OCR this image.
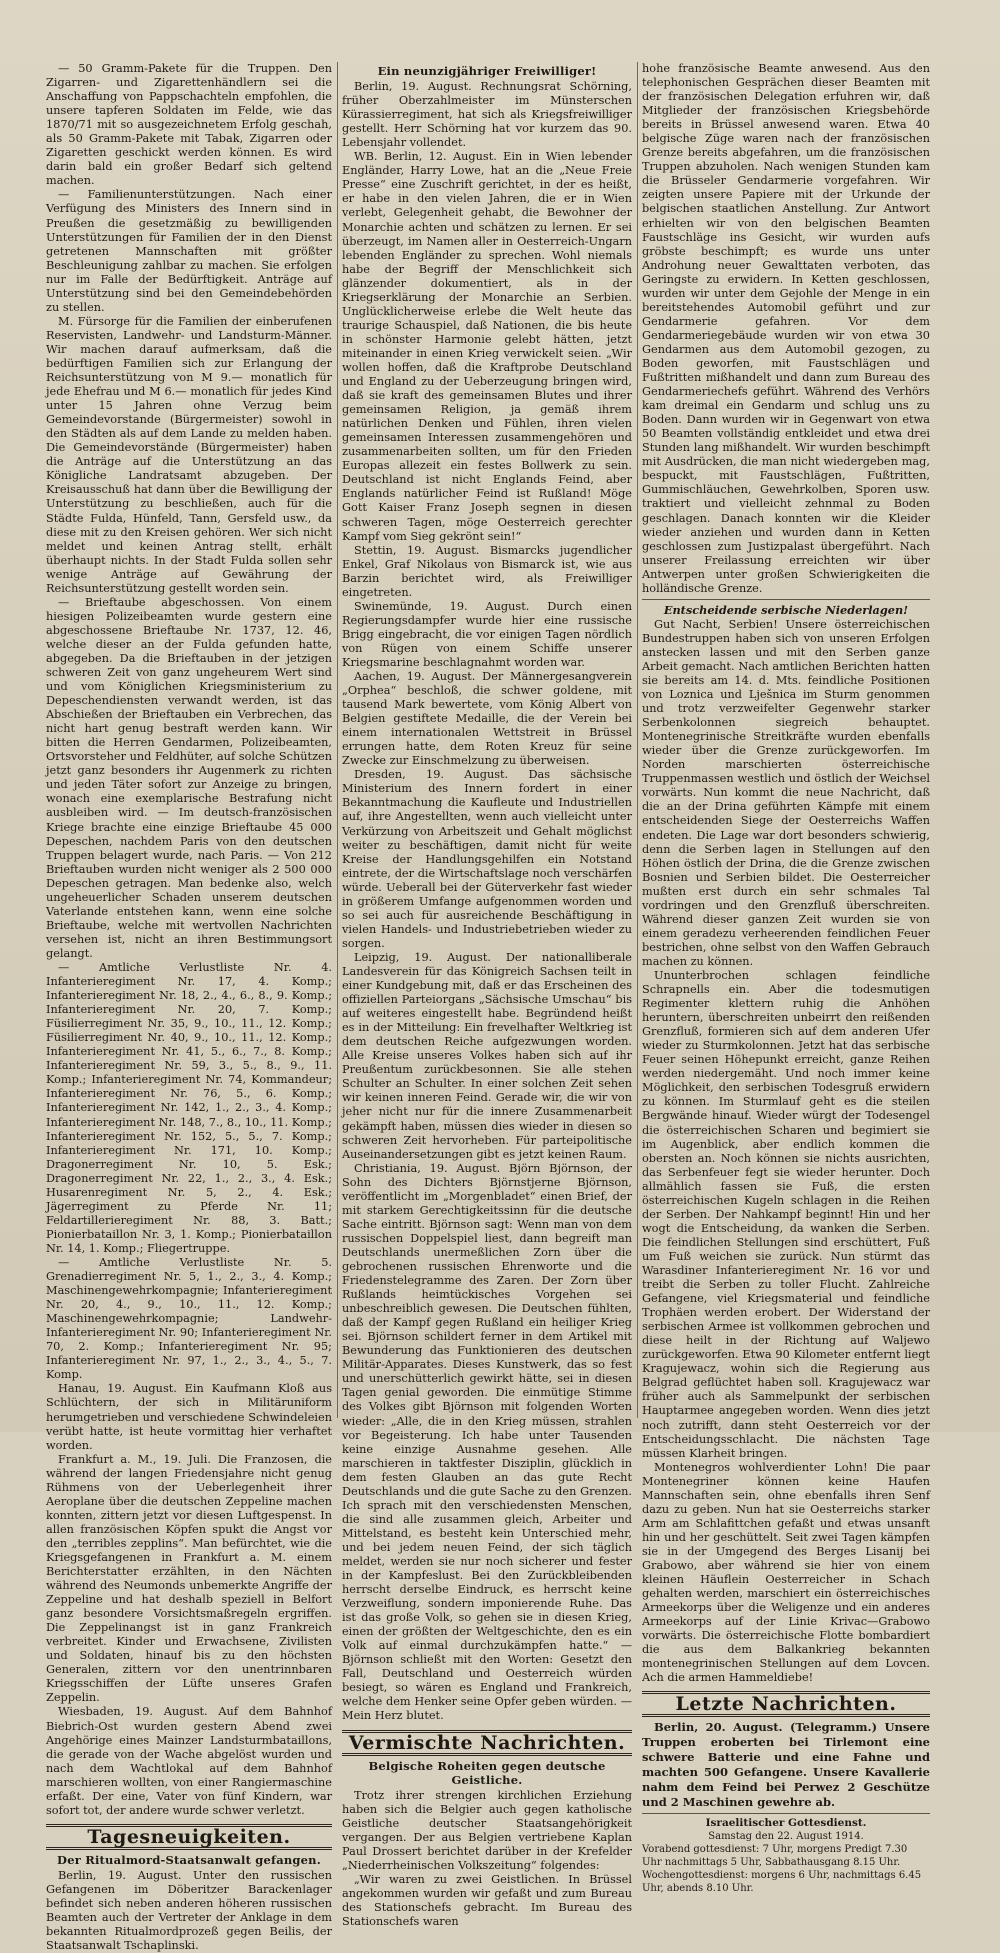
— 50 Gramm-Pakete für die Truppen. Den Zigarren- und Zigarettenhändlern sei die Anschaffung von Pappschachteln empfohlen, die unsere tapferen Soldaten im Felde, wie das 1870/71 mit so ausgezeichnetem Erfolg geschah, als 50 Gramm-Pakete mit Tabak, Zigarren oder Zigaretten geschickt werden können. Es wird darin bald ein großer Bedarf sich geltend machen.

— Familienunterstützungen. Nach einer Verfügung des Ministers des Innern sind in Preußen die gesetzmäßig zu bewilligenden Unterstützungen für Familien der in den Dienst getretenen Mannschaften mit größter Beschleunigung zahlbar zu machen. Sie erfolgen nur im Falle der Bedürftigkeit. Anträge auf Unterstützung sind bei den Gemeindebehörden zu stellen.

M. Fürsorge für die Familien der einberufenen Reservisten, Landwehr- und Landsturm-Männer. Wir machen darauf aufmerksam, daß die bedürftigen Familien sich zur Erlangung der Reichsunterstützung von M 9.— monatlich für jede Ehefrau und M 6.— monatlich für jedes Kind unter 15 Jahren ohne Verzug beim Gemeindevorstande (Bürgermeister) sowohl in den Städten als auf dem Lande zu melden haben. Die Gemeindevorstände (Bürgermeister) haben die Anträge auf die Unterstützung an das Königliche Landratsamt abzugeben. Der Kreisausschuß hat dann über die Bewilligung der Unterstützung zu beschließen, auch für die Städte Fulda, Hünfeld, Tann, Gersfeld usw., da diese mit zu den Kreisen gehören. Wer sich nicht meldet und keinen Antrag stellt, erhält überhaupt nichts. In der Stadt Fulda sollen sehr wenige Anträge auf Gewährung der Reichsunterstützung gestellt worden sein.

— Brieftaube abgeschossen. Von einem hiesigen Polizeibeamten wurde gestern eine abgeschossene Brieftaube Nr. 1737, 12. 46, welche dieser an der Fulda gefunden hatte, abgegeben. Da die Brieftauben in der jetzigen schweren Zeit von ganz ungeheurem Wert sind und vom Königlichen Kriegsministerium zu Depeschendiensten verwandt werden, ist das Abschießen der Brieftauben ein Verbrechen, das nicht hart genug bestraft werden kann. Wir bitten die Herren Gendarmen, Polizeibeamten, Ortsvorsteher und Feldhüter, auf solche Schützen jetzt ganz besonders ihr Augenmerk zu richten und jeden Täter sofort zur Anzeige zu bringen, wonach eine exemplarische Bestrafung nicht ausbleiben wird. — Im deutsch-französischen Kriege brachte eine einzige Brieftaube 45 000 Depeschen, nachdem Paris von den deutschen Truppen belagert wurde, nach Paris. — Von 212 Brieftauben wurden nicht weniger als 2 500 000 Depeschen getragen. Man bedenke also, welch ungeheuerlicher Schaden unserem deutschen Vaterlande entstehen kann, wenn eine solche Brieftaube, welche mit wertvollen Nachrichten versehen ist, nicht an ihren Bestimmungsort gelangt.

— Amtliche Verlustliste Nr. 4. Infanterieregiment Nr. 17, 4. Komp.; Infanterieregiment Nr. 18, 2., 4., 6., 8., 9. Komp.; Infanterieregiment Nr. 20, 7. Komp.; Füsilierregiment Nr. 35, 9., 10., 11., 12. Komp.; Füsilierregiment Nr. 40, 9., 10., 11., 12. Komp.; Infanterieregiment Nr. 41, 5., 6., 7., 8. Komp.; Infanterieregiment Nr. 59, 3., 5., 8., 9., 11. Komp.; Infanterieregiment Nr. 74, Kommandeur; Infanterieregiment Nr. 76, 5., 6. Komp.; Infanterieregiment Nr. 142, 1., 2., 3., 4. Komp.; Infanterieregiment Nr. 148, 7., 8., 10., 11. Komp.; Infanterieregiment Nr. 152, 5., 5., 7. Komp.; Infanterieregiment Nr. 171, 10. Komp.; Dragonerregiment Nr. 10, 5. Esk.; Dragonerregiment Nr. 22, 1., 2., 3., 4. Esk.; Husarenregiment Nr. 5, 2., 4. Esk.; Jägerregiment zu Pferde Nr. 11; Feldartillerieregiment Nr. 88, 3. Batt.; Pionierbataillon Nr. 3, 1. Komp.; Pionierbataillon Nr. 14, 1. Komp.; Fliegertruppe.

— Amtliche Verlustliste Nr. 5. Grenadierregiment Nr. 5, 1., 2., 3., 4. Komp.; Maschinengewehrkompagnie; Infanterieregiment Nr. 20, 4., 9., 10., 11., 12. Komp.; Maschinengewehrkompagnie; Landwehr-Infanterieregiment Nr. 90; Infanterieregiment Nr. 70, 2. Komp.; Infanterieregiment Nr. 95; Infanterieregiment Nr. 97, 1., 2., 3., 4., 5., 7. Komp.

Hanau, 19. August. Ein Kaufmann Kloß aus Schlüchtern, der sich in Militäruniform herumgetrieben und verschiedene Schwindeleien verübt hatte, ist heute vormittag hier verhaftet worden.

Frankfurt a. M., 19. Juli. Die Franzosen, die während der langen Friedensjahre nicht genug Rühmens von der Ueberlegenheit ihrer Aeroplane über die deutschen Zeppeline machen konnten, zittern jetzt vor diesen Luftgespenst. In allen französischen Köpfen spukt die Angst vor den „terribles zepplins“. Man befürchtet, wie die Kriegsgefangenen in Frankfurt a. M. einem Berichterstatter erzählten, in den Nächten während des Neumonds unbemerkte Angriffe der Zeppeline und hat deshalb speziell in Belfort ganz besondere Vorsichtsmaßregeln ergriffen. Die Zeppelinangst ist in ganz Frankreich verbreitet. Kinder und Erwachsene, Zivilisten und Soldaten, hinauf bis zu den höchsten Generalen, zittern vor den unentrinnbaren Kriegsschiffen der Lüfte unseres Grafen Zeppelin.

Wiesbaden, 19. August. Auf dem Bahnhof Biebrich-Ost wurden gestern Abend zwei Angehörige eines Mainzer Landsturmbataillons, die gerade von der Wache abgelöst wurden und nach dem Wachtlokal auf dem Bahnhof marschieren wollten, von einer Rangiermaschine erfaßt. Der eine, Vater von fünf Kindern, war sofort tot, der andere wurde schwer verletzt.

Tagesneuigkeiten.
Der Ritualmord-Staatsanwalt gefangen.

Berlin, 19. August. Unter den russischen Gefangenen im Döberitzer Barackenlager befindet sich neben anderen höheren russischen Beamten auch der Vertreter der Anklage in dem bekannten Ritualmordprozeß gegen Beilis, der Staatsanwalt Tschaplinski.

Ein neunzigjähriger Freiwilliger!

Berlin, 19. August. Rechnungsrat Schörning, früher Oberzahlmeister im Münsterschen Kürassierregiment, hat sich als Kriegsfreiwilliger gestellt. Herr Schörning hat vor kurzem das 90. Lebensjahr vollendet.

WB. Berlin, 12. August. Ein in Wien lebender Engländer, Harry Lowe, hat an die „Neue Freie Presse“ eine Zuschrift gerichtet, in der es heißt, er habe in den vielen Jahren, die er in Wien verlebt, Gelegenheit gehabt, die Bewohner der Monarchie achten und schätzen zu lernen. Er sei überzeugt, im Namen aller in Oesterreich-Ungarn lebenden Engländer zu sprechen. Wohl niemals habe der Begriff der Menschlichkeit sich glänzender dokumentiert, als in der Kriegserklärung der Monarchie an Serbien. Unglücklicherweise erlebe die Welt heute das traurige Schauspiel, daß Nationen, die bis heute in schönster Harmonie gelebt hätten, jetzt miteinander in einen Krieg verwickelt seien. „Wir wollen hoffen, daß die Kraftprobe Deutschland und England zu der Ueberzeugung bringen wird, daß sie kraft des gemeinsamen Blutes und ihrer gemeinsamen Religion, ja gemäß ihrem natürlichen Denken und Fühlen, ihren vielen gemeinsamen Interessen zusammengehören und zusammenarbeiten sollten, um für den Frieden Europas allezeit ein festes Bollwerk zu sein. Deutschland ist nicht Englands Feind, aber Englands natürlicher Feind ist Rußland! Möge Gott Kaiser Franz Joseph segnen in diesen schweren Tagen, möge Oesterreich gerechter Kampf vom Sieg gekrönt sein!“

Stettin, 19. August. Bismarcks jugendlicher Enkel, Graf Nikolaus von Bismarck ist, wie aus Barzin berichtet wird, als Freiwilliger eingetreten.

Swinemünde, 19. August. Durch einen Regierungsdampfer wurde hier eine russische Brigg eingebracht, die vor einigen Tagen nördlich von Rügen von einem Schiffe unserer Kriegsmarine beschlagnahmt worden war.

Aachen, 19. August. Der Männergesangverein „Orphea“ beschloß, die schwer goldene, mit tausend Mark bewertete, vom König Albert von Belgien gestiftete Medaille, die der Verein bei einem internationalen Wettstreit in Brüssel errungen hatte, dem Roten Kreuz für seine Zwecke zur Einschmelzung zu überweisen.

Dresden, 19. August. Das sächsische Ministerium des Innern fordert in einer Bekanntmachung die Kaufleute und Industriellen auf, ihre Angestellten, wenn auch vielleicht unter Verkürzung von Arbeitszeit und Gehalt möglichst weiter zu beschäftigen, damit nicht für weite Kreise der Handlungsgehilfen ein Notstand eintrete, der die Wirtschaftslage noch verschärfen würde. Ueberall bei der Güterverkehr fast wieder in größerem Umfange aufgenommen worden und so sei auch für ausreichende Beschäftigung in vielen Handels- und Industriebetrieben wieder zu sorgen.

Leipzig, 19. August. Der nationalliberale Landesverein für das Königreich Sachsen teilt in einer Kundgebung mit, daß er das Erscheinen des offiziellen Parteiorgans „Sächsische Umschau“ bis auf weiteres eingestellt habe. Begründend heißt es in der Mitteilung: Ein frevelhafter Weltkrieg ist dem deutschen Reiche aufgezwungen worden. Alle Kreise unseres Volkes haben sich auf ihr Preußentum zurückbesonnen. Sie alle stehen Schulter an Schulter. In einer solchen Zeit sehen wir keinen inneren Feind. Gerade wir, die wir von jeher nicht nur für die innere Zusammenarbeit gekämpft haben, müssen dies wieder in diesen so schweren Zeit hervorheben. Für parteipolitische Auseinandersetzungen gibt es jetzt keinen Raum.

Christiania, 19. August. Björn Björnson, der Sohn des Dichters Björnstjerne Björnson, veröffentlicht im „Morgenbladet“ einen Brief, der mit starkem Gerechtigkeitssinn für die deutsche Sache eintritt. Björnson sagt: Wenn man von dem russischen Doppelspiel liest, dann begreift man Deutschlands unermeßlichen Zorn über die gebrochenen russischen Ehrenworte und die Friedenstelegramme des Zaren. Der Zorn über Rußlands heimtückisches Vorgehen sei unbeschreiblich gewesen. Die Deutschen fühlten, daß der Kampf gegen Rußland ein heiliger Krieg sei. Björnson schildert ferner in dem Artikel mit Bewunderung das Funktionieren des deutschen Militär-Apparates. Dieses Kunstwerk, das so fest und unerschütterlich gewirkt hätte, sei in diesen Tagen genial geworden. Die einmütige Stimme des Volkes gibt Björnson mit folgenden Worten wieder: „Alle, die in den Krieg müssen, strahlen vor Begeisterung. Ich habe unter Tausenden keine einzige Ausnahme gesehen. Alle marschieren in taktfester Disziplin, glücklich in dem festen Glauben an das gute Recht Deutschlands und die gute Sache zu den Grenzen. Ich sprach mit den verschiedensten Menschen, die sind alle zusammen gleich, Arbeiter und Mittelstand, es besteht kein Unterschied mehr, und bei jedem neuen Feind, der sich täglich meldet, werden sie nur noch sicherer und fester in der Kampfeslust. Bei den Zurückbleibenden herrscht derselbe Eindruck, es herrscht keine Verzweiflung, sondern imponierende Ruhe. Das ist das große Volk, so gehen sie in diesen Krieg, einen der größten der Weltgeschichte, den es ein Volk auf einmal durchzukämpfen hatte.“ — Björnson schließt mit den Worten: Gesetzt den Fall, Deutschland und Oesterreich würden besiegt, so wären es England und Frankreich, welche dem Henker seine Opfer geben würden. — Mein Herz blutet.

Vermischte Nachrichten.
Belgische Roheiten gegen deutsche Geistliche.

Trotz ihrer strengen kirchlichen Erziehung haben sich die Belgier auch gegen katholische Geistliche deutscher Staatsangehörigkeit vergangen. Der aus Belgien vertriebene Kaplan Paul Drossert berichtet darüber in der Krefelder „Niederrheinischen Volkszeitung“ folgendes:

„Wir waren zu zwei Geistlichen. In Brüssel angekommen wurden wir gefaßt und zum Bureau des Stationschefs gebracht. Im Bureau des Stationschefs waren

hohe französische Beamte anwesend. Aus den telephonischen Gesprächen dieser Beamten mit der französischen Delegation erfuhren wir, daß Mitglieder der französischen Kriegsbehörde bereits in Brüssel anwesend waren. Etwa 40 belgische Züge waren nach der französischen Grenze bereits abgefahren, um die französischen Truppen abzuholen. Nach wenigen Stunden kam die Brüsseler Gendarmerie vorgefahren. Wir zeigten unsere Papiere mit der Urkunde der belgischen staatlichen Anstellung. Zur Antwort erhielten wir von den belgischen Beamten Faustschläge ins Gesicht, wir wurden aufs gröbste beschimpft; es wurde uns unter Androhung neuer Gewalttaten verboten, das Geringste zu erwidern. In Ketten geschlossen, wurden wir unter dem Gejohle der Menge in ein bereitstehendes Automobil geführt und zur Gendarmerie gefahren. Vor dem Gendarmeriegebäude wurden wir von etwa 30 Gendarmen aus dem Automobil gezogen, zu Boden geworfen, mit Faustschlägen und Fußtritten mißhandelt und dann zum Bureau des Gendarmeriechefs geführt. Während des Verhörs kam dreimal ein Gendarm und schlug uns zu Boden. Dann wurden wir in Gegenwart von etwa 50 Beamten vollständig entkleidet und etwa drei Stunden lang mißhandelt. Wir wurden beschimpft mit Ausdrücken, die man nicht wiedergeben mag, bespuckt, mit Faustschlägen, Fußtritten, Gummischläuchen, Gewehrkolben, Sporen usw. traktiert und vielleicht zehnmal zu Boden geschlagen. Danach konnten wir die Kleider wieder anziehen und wurden dann in Ketten geschlossen zum Justizpalast übergeführt. Nach unserer Freilassung erreichten wir über Antwerpen unter großen Schwierigkeiten die holländische Grenze.

Entscheidende serbische Niederlagen!

Gut Nacht, Serbien! Unsere österreichischen Bundestruppen haben sich von unseren Erfolgen anstecken lassen und mit den Serben ganze Arbeit gemacht. Nach amtlichen Berichten hatten sie bereits am 14. d. Mts. feindliche Positionen von Loznica und Lješnica im Sturm genommen und trotz verzweifelter Gegenwehr starker Serbenkolonnen siegreich behauptet. Montenegrinische Streitkräfte wurden ebenfalls wieder über die Grenze zurückgeworfen. Im Norden marschierten österreichische Truppenmassen westlich und östlich der Weichsel vorwärts. Nun kommt die neue Nachricht, daß die an der Drina geführten Kämpfe mit einem entscheidenden Siege der Oesterreichs Waffen endeten. Die Lage war dort besonders schwierig, denn die Serben lagen in Stellungen auf den Höhen östlich der Drina, die die Grenze zwischen Bosnien und Serbien bildet. Die Oesterreicher mußten erst durch ein sehr schmales Tal vordringen und den Grenzfluß überschreiten. Während dieser ganzen Zeit wurden sie von einem geradezu verheerenden feindlichen Feuer bestrichen, ohne selbst von den Waffen Gebrauch machen zu können.

Ununterbrochen schlagen feindliche Schrapnells ein. Aber die todesmutigen Regimenter klettern ruhig die Anhöhen heruntern, überschreiten unbeirrt den reißenden Grenzfluß, formieren sich auf dem anderen Ufer wieder zu Sturmkolonnen. Jetzt hat das serbische Feuer seinen Höhepunkt erreicht, ganze Reihen werden niedergemäht. Und noch immer keine Möglichkeit, den serbischen Todesgruß erwidern zu können. Im Sturmlauf geht es die steilen Bergwände hinauf. Wieder würgt der Todesengel die österreichischen Scharen und begimiert sie im Augenblick, aber endlich kommen die obersten an. Noch können sie nichts ausrichten, das Serbenfeuer fegt sie wieder herunter. Doch allmählich fassen sie Fuß, die ersten österreichischen Kugeln schlagen in die Reihen der Serben. Der Nahkampf beginnt! Hin und her wogt die Entscheidung, da wanken die Serben. Die feindlichen Stellungen sind erschüttert, Fuß um Fuß weichen sie zurück. Nun stürmt das Warasdiner Infanterieregiment Nr. 16 vor und treibt die Serben zu toller Flucht. Zahlreiche Gefangene, viel Kriegsmaterial und feindliche Trophäen werden erobert. Der Widerstand der serbischen Armee ist vollkommen gebrochen und diese heilt in der Richtung auf Waljewo zurückgeworfen. Etwa 90 Kilometer entfernt liegt Kragujewacz, wohin sich die Regierung aus Belgrad geflüchtet haben soll. Kragujewacz war früher auch als Sammelpunkt der serbischen Hauptarmee angegeben worden. Wenn dies jetzt noch zutrifft, dann steht Oesterreich vor der Entscheidungsschlacht. Die nächsten Tage müssen Klarheit bringen.

Montenegros wohlverdienter Lohn! Die paar Montenegriner können keine Haufen Mannschaften sein, ohne ebenfalls ihren Senf dazu zu geben. Nun hat sie Oesterreichs starker Arm am Schlafittchen gefaßt und etwas unsanft hin und her geschüttelt. Seit zwei Tagen kämpfen sie in der Umgegend des Berges Lisanij bei Grabowo, aber während sie hier von einem kleinen Häuflein Oesterreicher in Schach gehalten werden, marschiert ein österreichisches Armeekorps über die Weligenze und ein anderes Armeekorps auf der Linie Krivac—Grabowo vorwärts. Die österreichische Flotte bombardiert die aus dem Balkankrieg bekannten montenegrinischen Stellungen auf dem Lovcen. Ach die armen Hammeldiebe!

Letzte Nachrichten.

Berlin, 20. August. (Telegramm.) Unsere Truppen eroberten bei Tirlemont eine schwere Batterie und eine Fahne und machten 500 Gefangene. Unsere Kavallerie nahm dem Feind bei Perwez 2 Geschütze und 2 Maschinen gewehre ab.

Israelitischer Gottesdienst.
Samstag den 22. August 1914.

Vorabend gottesdienst: 7 Uhr, morgens Predigt 7.30 Uhr nachmittags 5 Uhr, Sabbathausgang 8.15 Uhr.

Wochengottesdienst: morgens 6 Uhr, nachmittags 6.45 Uhr, abends 8.10 Uhr.
